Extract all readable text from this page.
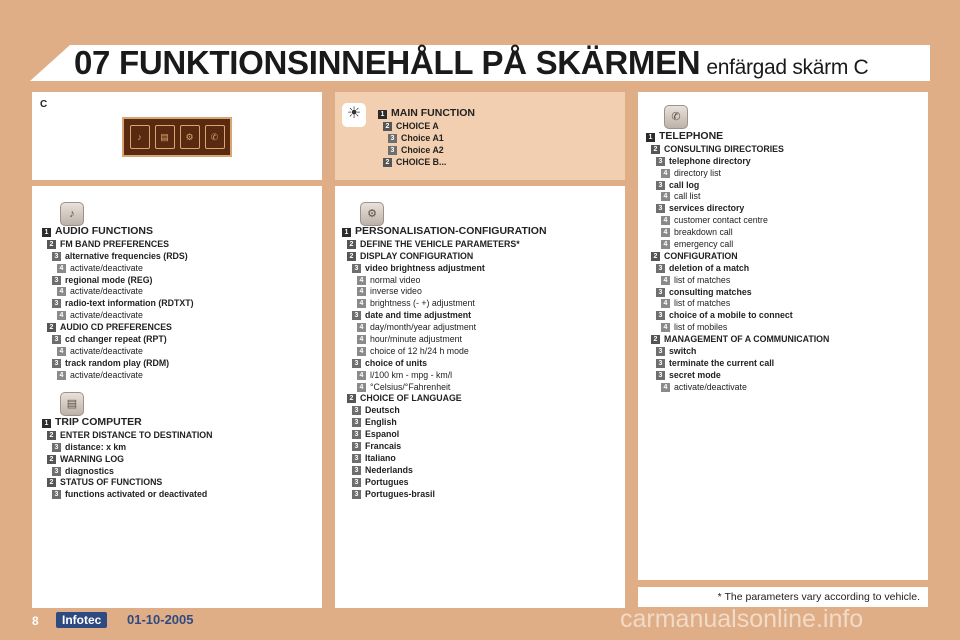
07 FUNKTIONSINNEHÅLL PÅ SKÄRMEN enfärgad skärm C
C
♪	▤	⚙	✆
☀
♪
▤
⚙
✆
1 MAIN FUNCTION
2 CHOICE A
3 Choice A1
3 Choice A2
2 CHOICE B...
1 AUDIO FUNCTIONS
2 FM BAND PREFERENCES
3 alternative frequencies (RDS)
4 activate/deactivate
3 regional mode (REG)
4 activate/deactivate
3 radio-text information (RDTXT)
4 activate/deactivate
2 AUDIO CD PREFERENCES
3 cd changer repeat (RPT)
4 activate/deactivate
3 track random play (RDM)
4 activate/deactivate
1 TRIP COMPUTER
2 ENTER DISTANCE TO DESTINATION
3 distance: x km
2 WARNING LOG
3 diagnostics
2 STATUS OF FUNCTIONS
3 functions activated or deactivated
1 PERSONALISATION-CONFIGURATION
2 DEFINE THE VEHICLE PARAMETERS*
2 DISPLAY CONFIGURATION
3 video brightness adjustment
4 normal video
4 inverse video
4 brightness (- +) adjustment
3 date and time adjustment
4 day/month/year adjustment
4 hour/minute adjustment
4 choice of 12 h/24 h mode
3 choice of units
4 l/100 km - mpg - km/l
4 °Celsius/°Fahrenheit
2 CHOICE OF LANGUAGE
3 Deutsch
3 English
3 Espanol
3 Francais
3 Italiano
3 Nederlands
3 Portugues
3 Portugues-brasil
1 TELEPHONE
2 CONSULTING DIRECTORIES
3 telephone directory
4 directory list
3 call log
4 call list
3 services directory
4 customer contact centre
4 breakdown call
4 emergency call
2 CONFIGURATION
3 deletion of a match
4 list of matches
3 consulting matches
4 list of matches
3 choice of a mobile to connect
4 list of mobiles
2 MANAGEMENT OF A COMMUNICATION
3 switch
3 terminate the current call
3 secret mode
4 activate/deactivate
* The parameters vary according to vehicle.
8	Infotec	01-10-2005	carmanualsonline.info
